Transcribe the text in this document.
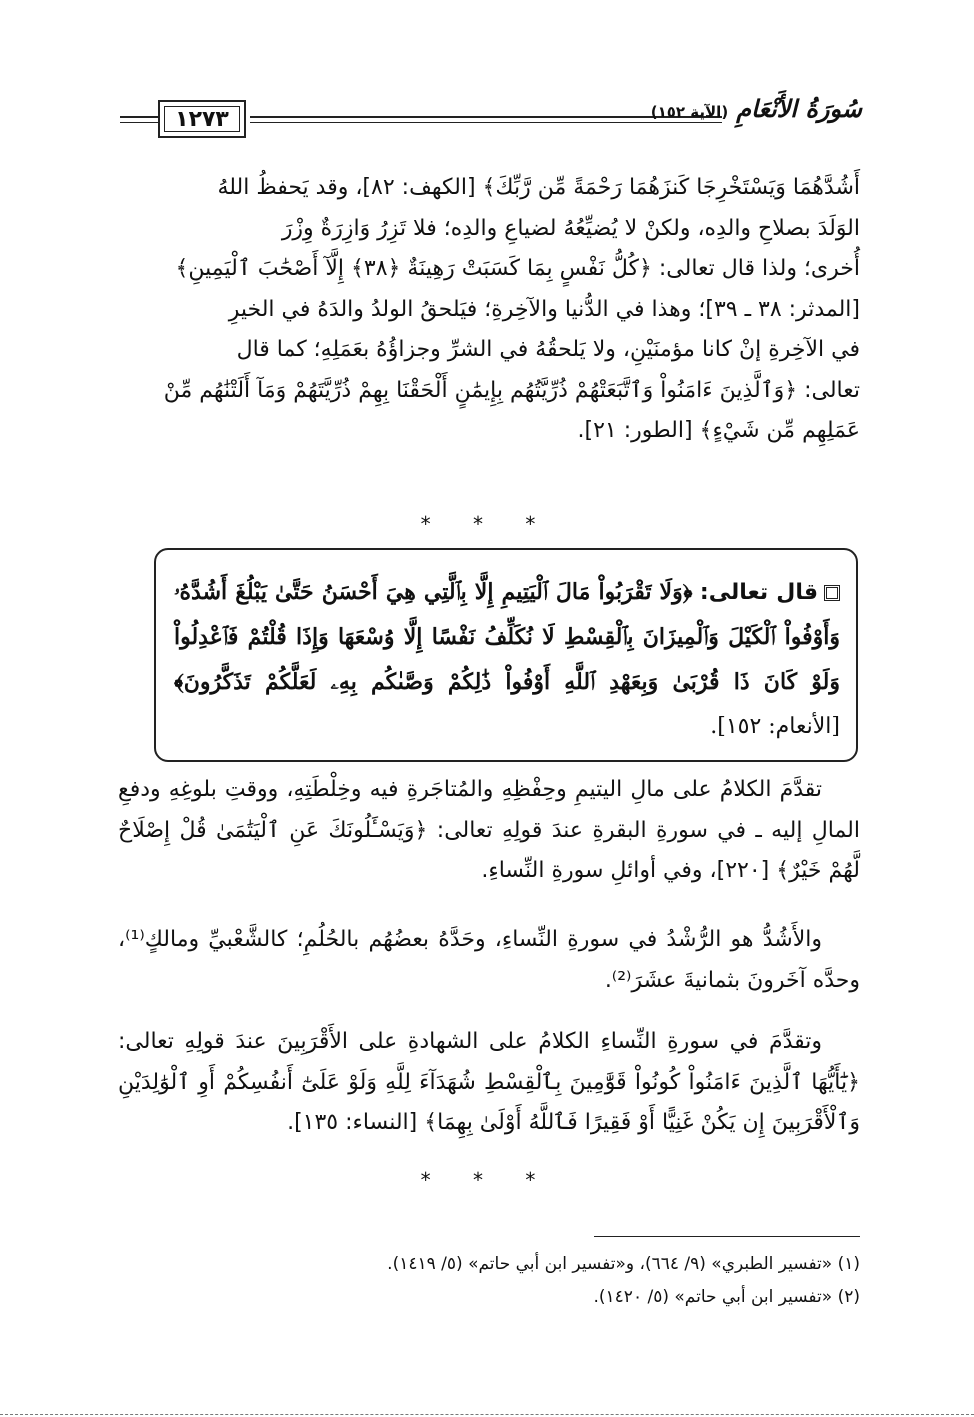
١٢٧٣	سُورَةُ الأَنْعَامِ
(الآية ١٥٢)
أَشُدَّهُمَا وَيَسْتَخْرِجَا كَنزَهُمَا رَحْمَةً مِّن رَّبِّكَ﴾ [الكهف: ٨٢]، وقد يَحفظُ اللهُ
الوَلَدَ بصلاحِ والدِه، ولكنْ لا يُضيِّعُهُ لضياعِ والدِه؛ فلا تَزِرُ وَازِرَةٌ وِزْرَ
أُخرى؛ ولذا قال تعالى: ﴿كُلُّ نَفْسٍ بِمَا كَسَبَتْ رَهِينَةٌ ﴿٣٨﴾ إِلَّآ أَصْحَٰبَ ٱلْيَمِينِ﴾
[المدثر: ٣٨ ـ ٣٩]؛ وهذا في الدُّنيا والآخِرةِ؛ فيَلحقُ الولدُ والدَهُ في الخيرِ
في الآخِرةِ إنْ كانا مؤمنَيْنِ، ولا يَلحقُهُ في الشرِّ وجزاؤُهُ بعَمَلِهِ؛ كما قال
تعالى: ﴿وَٱلَّذِينَ ءَامَنُواْ وَٱتَّبَعَتْهُمْ ذُرِّيَّتُهُم بِإِيمَٰنٍ أَلْحَقْنَا بِهِمْ ذُرِّيَّتَهُمْ وَمَآ أَلَتْنَٰهُم مِّنْ
عَمَلِهِم مِّن شَيْءٍ﴾ [الطور: ٢١].
* * *
قال تعالى: ﴿وَلَا تَقْرَبُواْ مَالَ ٱلْيَتِيمِ إِلَّا بِٱلَّتِي هِيَ أَحْسَنُ حَتَّىٰ يَبْلُغَ أَشُدَّهُۥ وَأَوْفُواْ ٱلْكَيْلَ وَٱلْمِيزَانَ بِٱلْقِسْطِ لَا نُكَلِّفُ نَفْسًا إِلَّا وُسْعَهَا وَإِذَا قُلْتُمْ فَٱعْدِلُواْ وَلَوْ كَانَ ذَا قُرْبَىٰ وَبِعَهْدِ ٱللَّهِ أَوْفُواْ ذَٰلِكُمْ وَصَّىٰكُم بِهِۦ لَعَلَّكُمْ تَذَكَّرُونَ﴾ [الأنعام: ١٥٢].
تقدَّمَ الكلامُ على مالِ اليتيمِ وحِفْظِهِ والمُتاجَرةِ فيه وخِلْطَتِهِ، ووقتِ بلوغِهِ ودفعِ المالِ إليه ـ في سورةِ البقرةِ عندَ قولِهِ تعالى: ﴿وَيَسْـَٔلُونَكَ عَنِ ٱلْيَتَٰمَىٰ قُلْ إِصْلَاحٌ لَّهُمْ خَيْرٌ﴾ [٢٢٠]، وفي أوائلِ سورةِ النِّساءِ.
والأَشُدُّ هو الرُّشْدُ في سورةِ النِّساءِ، وحَدَّهُ بعضُهُم بالحُلُمِ؛ كالشَّعْبيِّ ومالكٍ⁽¹⁾، وحدَّه آخَرونَ بثمانيةَ عشَرَ⁽²⁾.
وتقدَّمَ في سورةِ النِّساءِ الكلامُ على الشهادةِ على الأَقْرَبِينَ عندَ قولِهِ تعالى: ﴿يَٰٓأَيُّهَا ٱلَّذِينَ ءَامَنُواْ كُونُواْ قَوَّٰمِينَ بِٱلْقِسْطِ شُهَدَآءَ لِلَّهِ وَلَوْ عَلَىٰٓ أَنفُسِكُمْ أَوِ ٱلْوَٰلِدَيْنِ وَٱلْأَقْرَبِينَ إِن يَكُنْ غَنِيًّا أَوْ فَقِيرًا فَٱللَّهُ أَوْلَىٰ بِهِمَا﴾ [النساء: ١٣٥].
* * *
(١) «تفسير الطبري» (٩/ ٦٦٤)، و«تفسير ابن أبي حاتم» (٥/ ١٤١٩).
(٢) «تفسير ابن أبي حاتم» (٥/ ١٤٢٠).
